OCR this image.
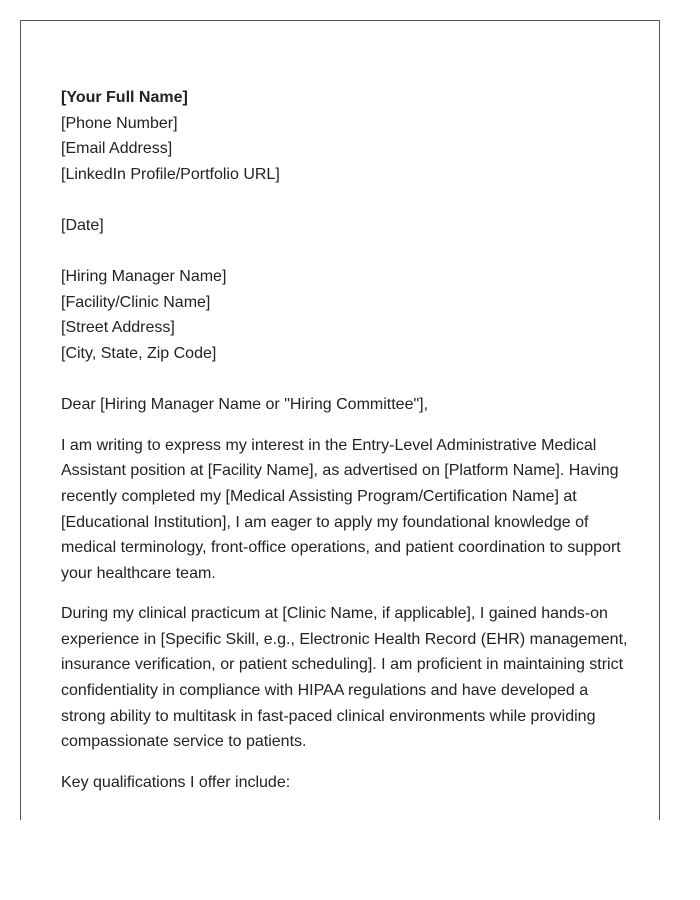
[Your Full Name]
[Phone Number]
[Email Address]
[LinkedIn Profile/Portfolio URL]
[Date]
[Hiring Manager Name]
[Facility/Clinic Name]
[Street Address]
[City, State, Zip Code]
Dear [Hiring Manager Name or "Hiring Committee"],

I am writing to express my interest in the Entry-Level Administrative Medical Assistant position at [Facility Name], as advertised on [Platform Name]. Having recently completed my [Medical Assisting Program/Certification Name] at [Educational Institution], I am eager to apply my foundational knowledge of medical terminology, front-office operations, and patient coordination to support your healthcare team.

During my clinical practicum at [Clinic Name, if applicable], I gained hands-on experience in [Specific Skill, e.g., Electronic Health Record (EHR) management, insurance verification, or patient scheduling]. I am proficient in maintaining strict confidentiality in compliance with HIPAA regulations and have developed a strong ability to multitask in fast-paced clinical environments while providing compassionate service to patients.

Key qualifications I offer include:
